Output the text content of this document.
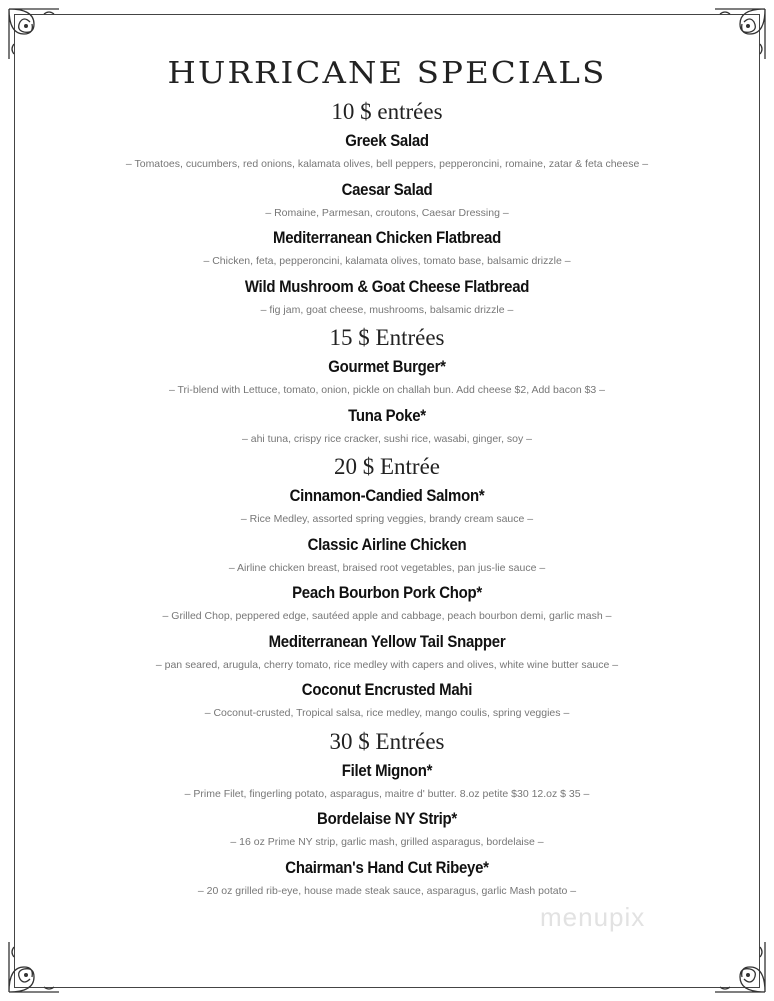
HURRICANE SPECIALS
10 $ entrées
Greek Salad
– Tomatoes, cucumbers, red onions, kalamata olives, bell peppers, pepperoncini, romaine, zatar & feta cheese –
Caesar Salad
– Romaine, Parmesan, croutons, Caesar Dressing –
Mediterranean Chicken Flatbread
– Chicken, feta, pepperoncini, kalamata olives, tomato base, balsamic drizzle –
Wild Mushroom & Goat Cheese Flatbread
– fig jam, goat cheese, mushrooms, balsamic drizzle –
15 $ Entrées
Gourmet Burger*
– Tri-blend with Lettuce, tomato, onion, pickle on challah bun. Add cheese $2, Add bacon $3 –
Tuna Poke*
– ahi tuna, crispy rice cracker, sushi rice, wasabi, ginger, soy –
20 $ Entrée
Cinnamon-Candied Salmon*
– Rice Medley, assorted spring veggies, brandy cream sauce –
Classic Airline Chicken
– Airline chicken breast, braised root vegetables, pan jus-lie sauce –
Peach Bourbon Pork Chop*
– Grilled Chop, peppered edge, sautéed apple and cabbage, peach bourbon demi, garlic mash –
Mediterranean Yellow Tail Snapper
– pan seared, arugula, cherry tomato, rice medley with capers and olives, white wine butter sauce –
Coconut Encrusted Mahi
– Coconut-crusted, Tropical salsa, rice medley, mango coulis, spring veggies –
30 $ Entrées
Filet Mignon*
– Prime Filet, fingerling potato, asparagus, maitre d' butter. 8.oz petite $30 12.oz $ 35 –
Bordelaise NY Strip*
– 16 oz Prime NY strip, garlic mash, grilled asparagus, bordelaise –
Chairman's Hand Cut Ribeye*
– 20 oz grilled rib-eye, house made steak sauce, asparagus, garlic Mash potato –
menupix
